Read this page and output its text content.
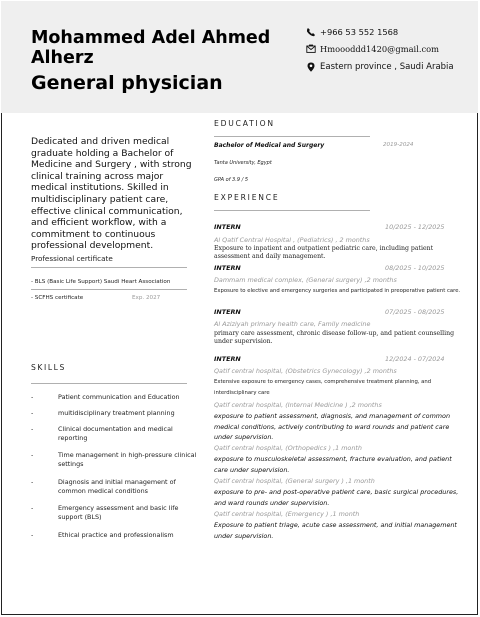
Mohammed Adel Ahmed Alherz
General physician
+966 53 552 1568
Hmoooddd1420@gmail.com
Eastern province , Saudi Arabia
Dedicated and driven medical graduate holding a Bachelor of Medicine and Surgery , with strong clinical training across major medical institutions. Skilled in multidisciplinary patient care, effective clinical communication, and efficient workflow, with a commitment to continuous professional development.
Professional certificate
- BLS (Basic Life Support) Saudi Heart Association
- SCFHS certificate	Exp. 2027
SKILLS
-	Patient communication and Education
-	multidisciplinary treatment planning
-	Clinical documentation and medical reporting
-	Time management in high-pressure clinical settings
-	Diagnosis and initial management of common medical conditions
-	Emergency assessment and basic life support (BLS)
-	Ethical practice and professionalism
EDUCATION
Bachelor of Medical and Surgery	2019-2024
Tanta University, Egypt
GPA of 3.9 / 5
EXPERIENCE
INTERN	10/2025 - 12/2025
Al Qatif Central Hospital , (Pediatrics) , 2 months
Exposure to inpatient and outpatient pediatric care, including patient assessment and daily management.
INTERN	08/2025 - 10/2025
Dammam medical complex, (General surgery) ,2 months
Exposure to elective and emergency surgeries and participated in preoperative patient care.
INTERN	07/2025 - 08/2025
Al Aziziyah primary health care, Family medicine
primary care assessment, chronic disease follow-up, and patient counselling under supervision.
INTERN	12/2024 - 07/2024
Qatif central hospital, (Obstetrics Gynecology) ,2 months
Extensive exposure to emergency cases, comprehensive treatment planning, and interdisciplinary care
Qatif central hospital, (Internal Medicine ) ,2 months
exposure to patient assessment, diagnosis, and management of common medical conditions, actively contributing to ward rounds and patient care under supervision.
Qatif central hospital, (Orthopedics ) ,1 month
exposure to musculoskeletal assessment, fracture evaluation, and patient care under supervision.
Qatif central hospital, (General surgery ) ,1 month
exposure to pre- and post-operative patient care, basic surgical procedures, and ward rounds under supervision.
Qatif central hospital, (Emergency ) ,1 month
Exposure to patient triage, acute case assessment, and initial management under supervision.
